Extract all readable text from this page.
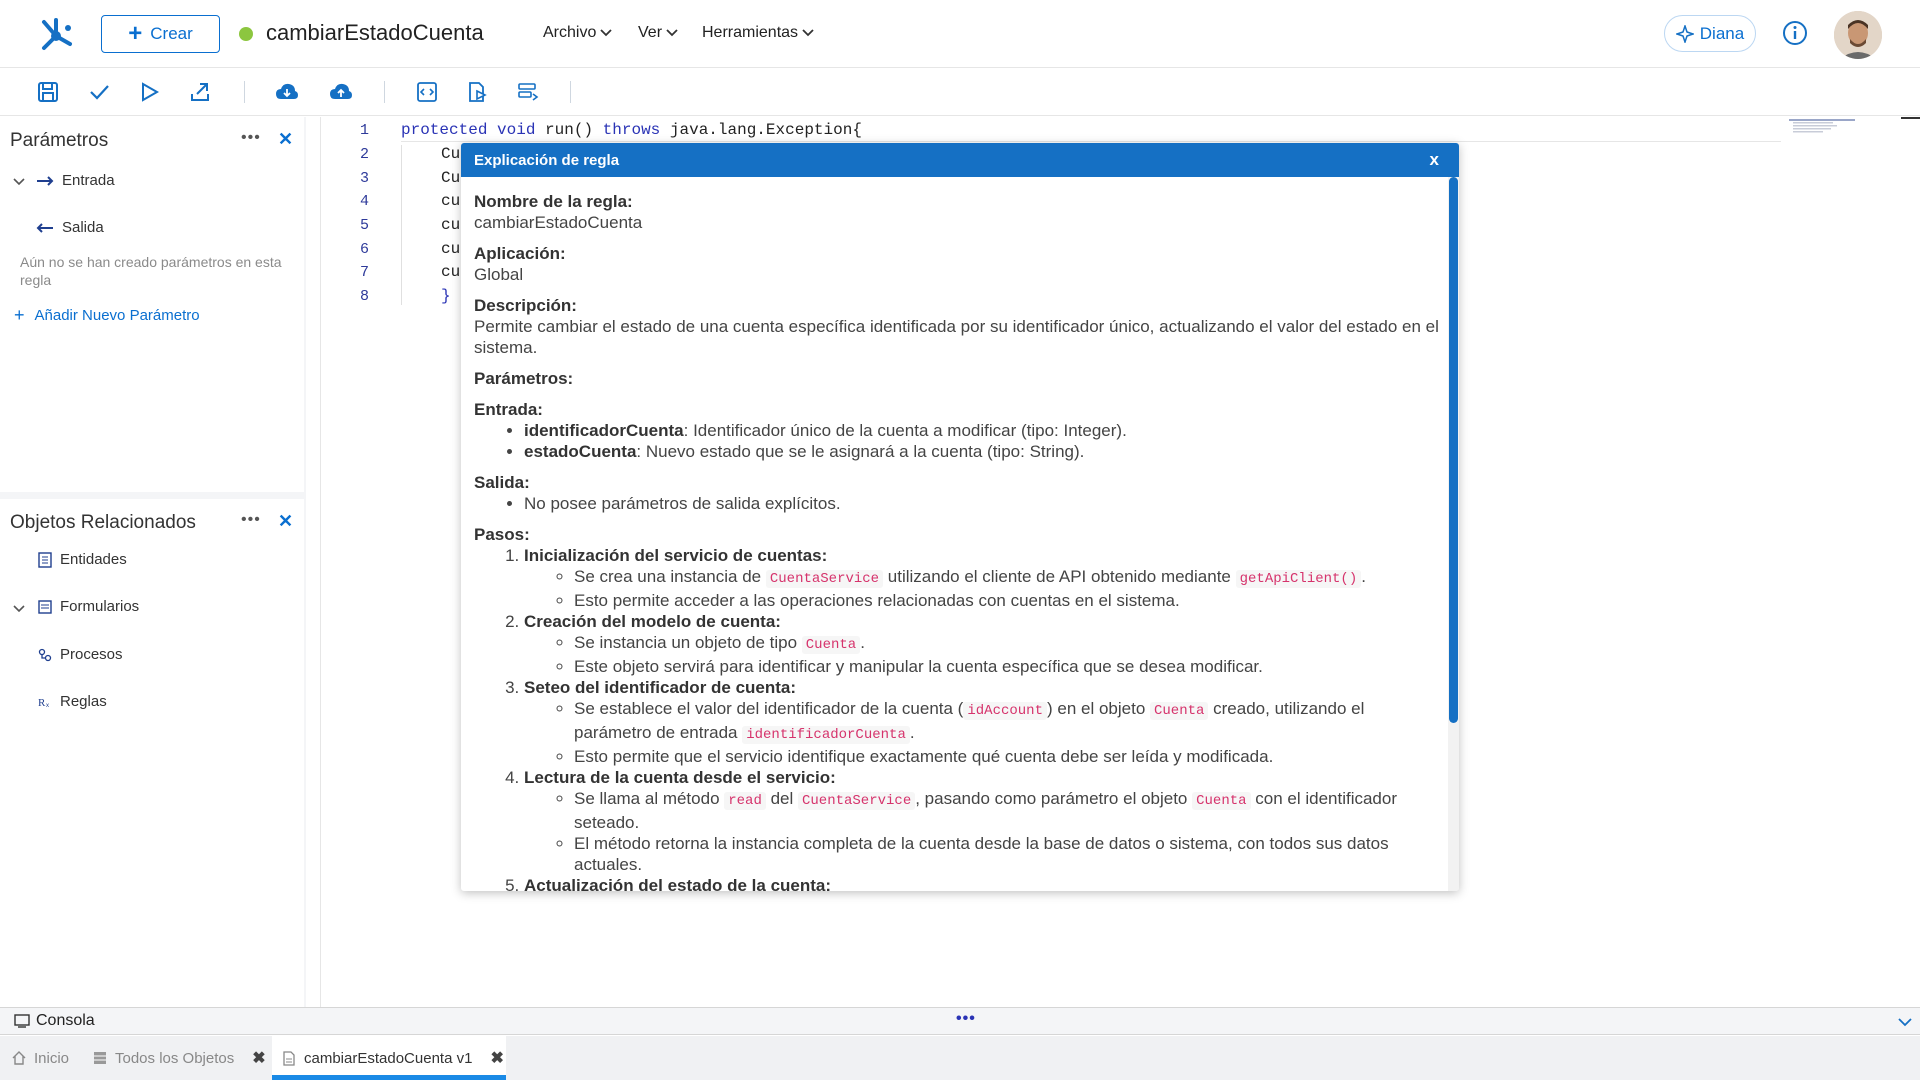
+ Crear	cambiarEstadoCuenta	Archivo	Ver Herramientas	Diana
Parámetros	••• ✕
Entrada
Salida
Aún no se han creado parámetros en esta regla
+ Añadir Nuevo Parámetro
Objetos Relacionados	••• ✕
Entidades
Formularios
Procesos
R x Reglas
1
2
3
4
5
6
7
8
protected void run() throws java.lang.Exception{
Cu
Cu
cu
cu
cu
cu
}
Explicación de regla	x
Nombre de la regla:
cambiarEstadoCuenta
Aplicación:
Global
Descripción:
Permite cambiar el estado de una cuenta específica identificada por su identificador único, actualizando el valor del estado en el sistema.
Parámetros:
Entrada:
• identificadorCuenta: Identificador único de la cuenta a modificar (tipo: Integer).
• estadoCuenta: Nuevo estado que se le asignará a la cuenta (tipo: String).
Salida:
• No posee parámetros de salida explícitos.
Pasos:
1. Inicialización del servicio de cuentas:
◦ Se crea una instancia de CuentaService utilizando el cliente de API obtenido mediante getApiClient() .
◦ Esto permite acceder a las operaciones relacionadas con cuentas en el sistema.
2. Creación del modelo de cuenta:
◦ Se instancia un objeto de tipo Cuenta .
◦ Este objeto servirá para identificar y manipular la cuenta específica que se desea modificar.
3. Seteo del identificador de cuenta:
◦ Se establece el valor del identificador de la cuenta ( idAccount ) en el objeto Cuenta creado, utilizando el parámetro de entrada identificadorCuenta .
◦ Esto permite que el servicio identifique exactamente qué cuenta debe ser leída y modificada.
4. Lectura de la cuenta desde el servicio:
◦ Se llama al método read del CuentaService , pasando como parámetro el objeto Cuenta con el identificador seteado.
◦ El método retorna la instancia completa de la cuenta desde la base de datos o sistema, con todos sus datos actuales.
5. Actualización del estado de la cuenta:
Consola	•••
Inicio	Todos los Objetos ✖	cambiarEstadoCuenta v1 ✖
